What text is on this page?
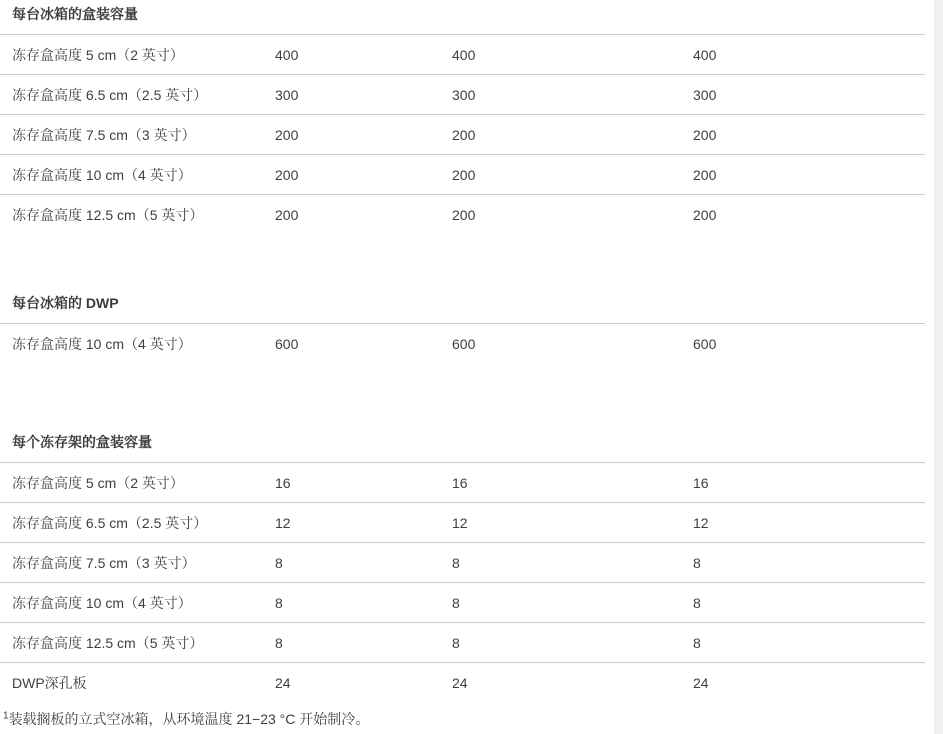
每台冰箱的盒装容量
冻存盒高度 5 cm（2 英寸）	400	400	400
冻存盒高度 6.5 cm（2.5 英寸）	300	300	300
冻存盒高度 7.5 cm（3 英寸）	200	200	200
冻存盒高度 10 cm（4 英寸）	200	200	200
冻存盒高度 12.5 cm（5 英寸）	200	200	200
每台冰箱的 DWP
冻存盒高度 10 cm（4 英寸）	600	600	600
每个冻存架的盒装容量
冻存盒高度 5 cm（2 英寸）	16	16	16
冻存盒高度 6.5 cm（2.5 英寸）	12	12	12
冻存盒高度 7.5 cm（3 英寸）	8	8	8
冻存盒高度 10 cm（4 英寸）	8	8	8
冻存盒高度 12.5 cm（5 英寸）	8	8	8
DWP深孔板	24	24	24
$^1$装载搁板的立式空冰箱，从环境温度 21−23 °C 开始制冷。
